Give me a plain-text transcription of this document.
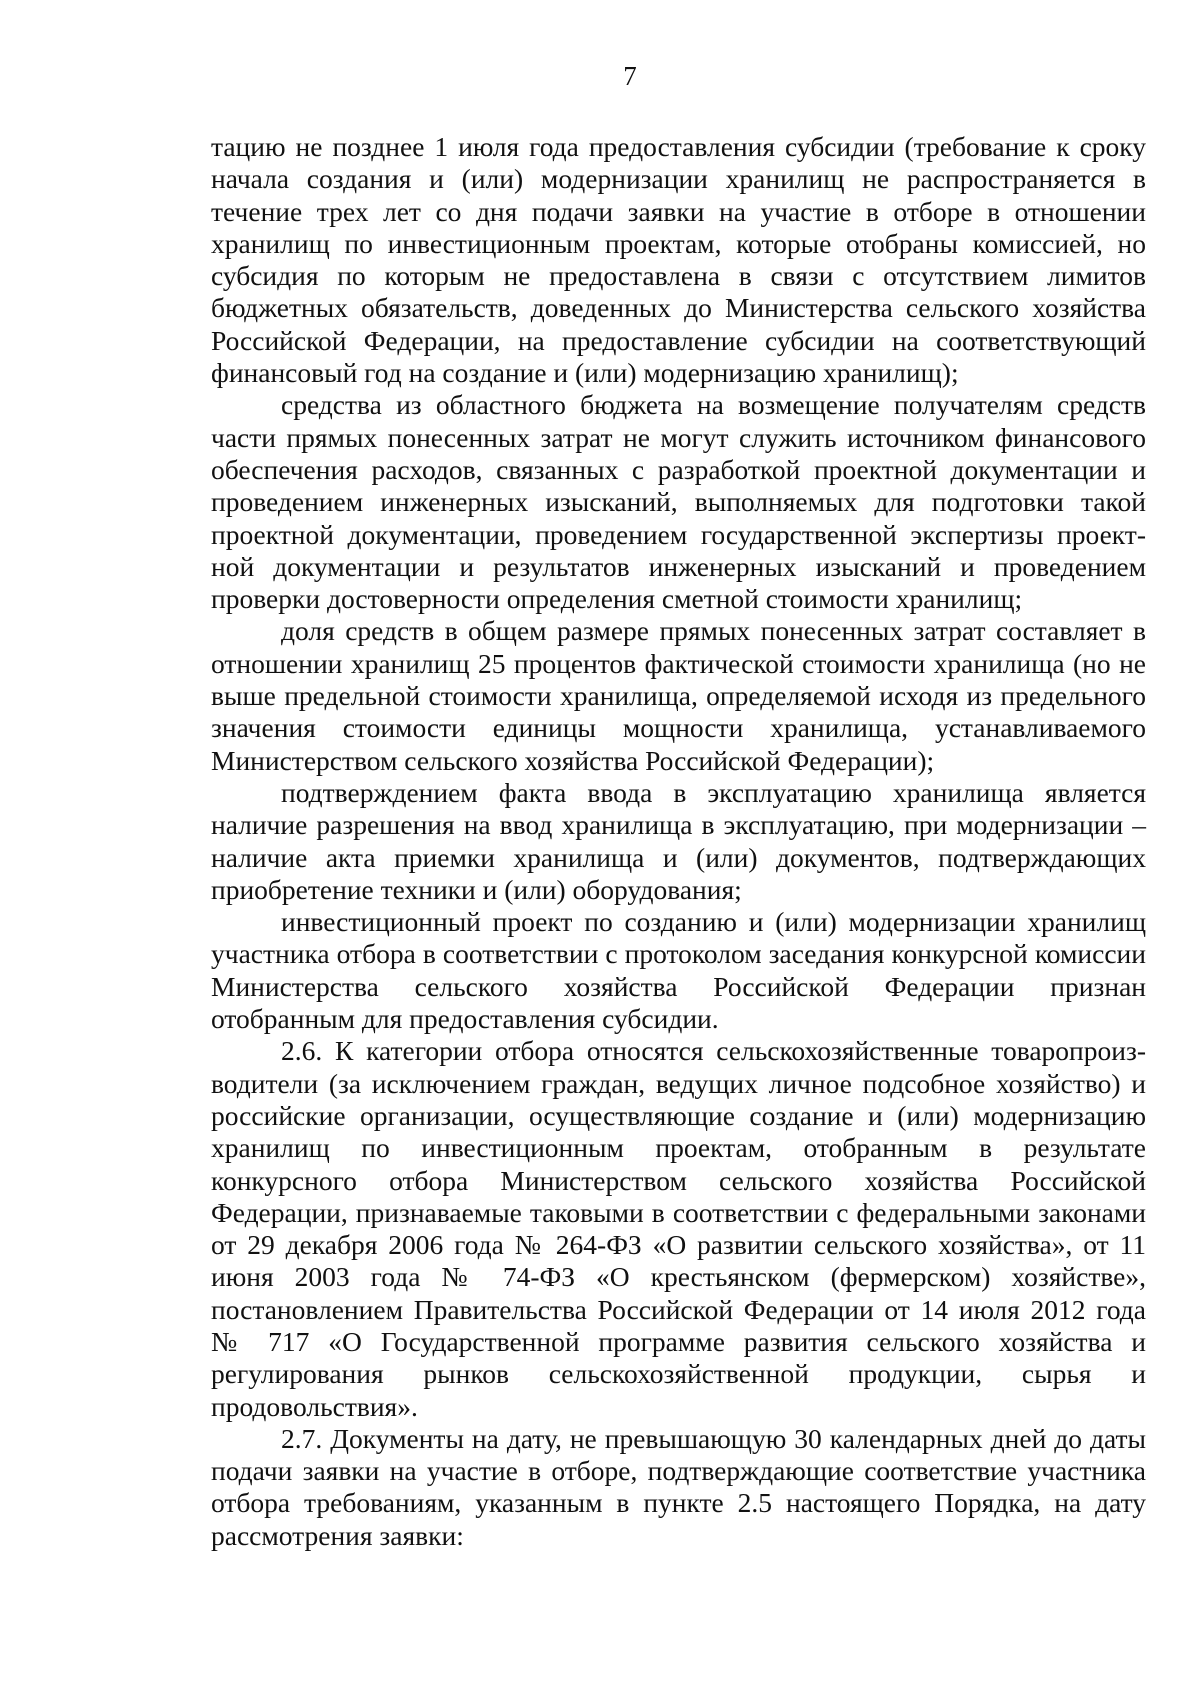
7

тацию не позднее 1 июля года предоставления субсидии (требование к сроку начала создания и (или) модернизации хранилищ не распространяется в течение трех лет со дня подачи заявки на участие в отборе в отношении хранилищ по инвестиционным проектам, которые отобраны комиссией, но субсидия по которым не предоставлена в связи с отсутствием лимитов бюджетных обязательств, доведенных до Министерства сельского хозяйства Российской Федерации, на предоставление субсидии на соответствующий финансовый год на создание и (или) модернизацию хранилищ);

средства из областного бюджета на возмещение получателям средств части прямых понесенных затрат не могут служить источником финансового обеспечения расходов, связанных с разработкой проектной документации и проведением инженерных изысканий, выполняемых для подготовки такой проектной документации, проведением государственной экспертизы проектной документации и результатов инженерных изысканий и проведением проверки достоверности определения сметной стоимости хранилищ;

доля средств в общем размере прямых понесенных затрат составляет в отношении хранилищ 25 процентов фактической стоимости хранилища (но не выше предельной стоимости хранилища, определяемой исходя из предельного значения стоимости единицы мощности хранилища, устанавливаемого Министерством сельского хозяйства Российской Федерации);

подтверждением факта ввода в эксплуатацию хранилища является наличие разрешения на ввод хранилища в эксплуатацию, при модернизации – наличие акта приемки хранилища и (или) документов, подтверждающих приобретение техники и (или) оборудования;

инвестиционный проект по созданию и (или) модернизации хранилищ участника отбора в соответствии с протоколом заседания конкурсной комиссии Министерства сельского хозяйства Российской Федерации признан отобранным для предоставления субсидии.

2.6. К категории отбора относятся сельскохозяйственные товаропроизводители (за исключением граждан, ведущих личное подсобное хозяйство) и российские организации, осуществляющие создание и (или) модернизацию хранилищ по инвестиционным проектам, отобранным в результате конкурсного отбора Министерством сельского хозяйства Российской Федерации, признаваемые таковыми в соответствии с федеральными законами от 29 декабря 2006 года № 264-ФЗ «О развитии сельского хозяйства», от 11 июня 2003 года № 74-ФЗ «О крестьянском (фермерском) хозяйстве», постановлением Правительства Российской Федерации от 14 июля 2012 года № 717 «О Государственной программе развития сельского хозяйства и регулирования рынков сельскохозяйственной продукции, сырья и продовольствия».

2.7. Документы на дату, не превышающую 30 календарных дней до даты подачи заявки на участие в отборе, подтверждающие соответствие участника отбора требованиям, указанным в пункте 2.5 настоящего Порядка, на дату рассмотрения заявки:
